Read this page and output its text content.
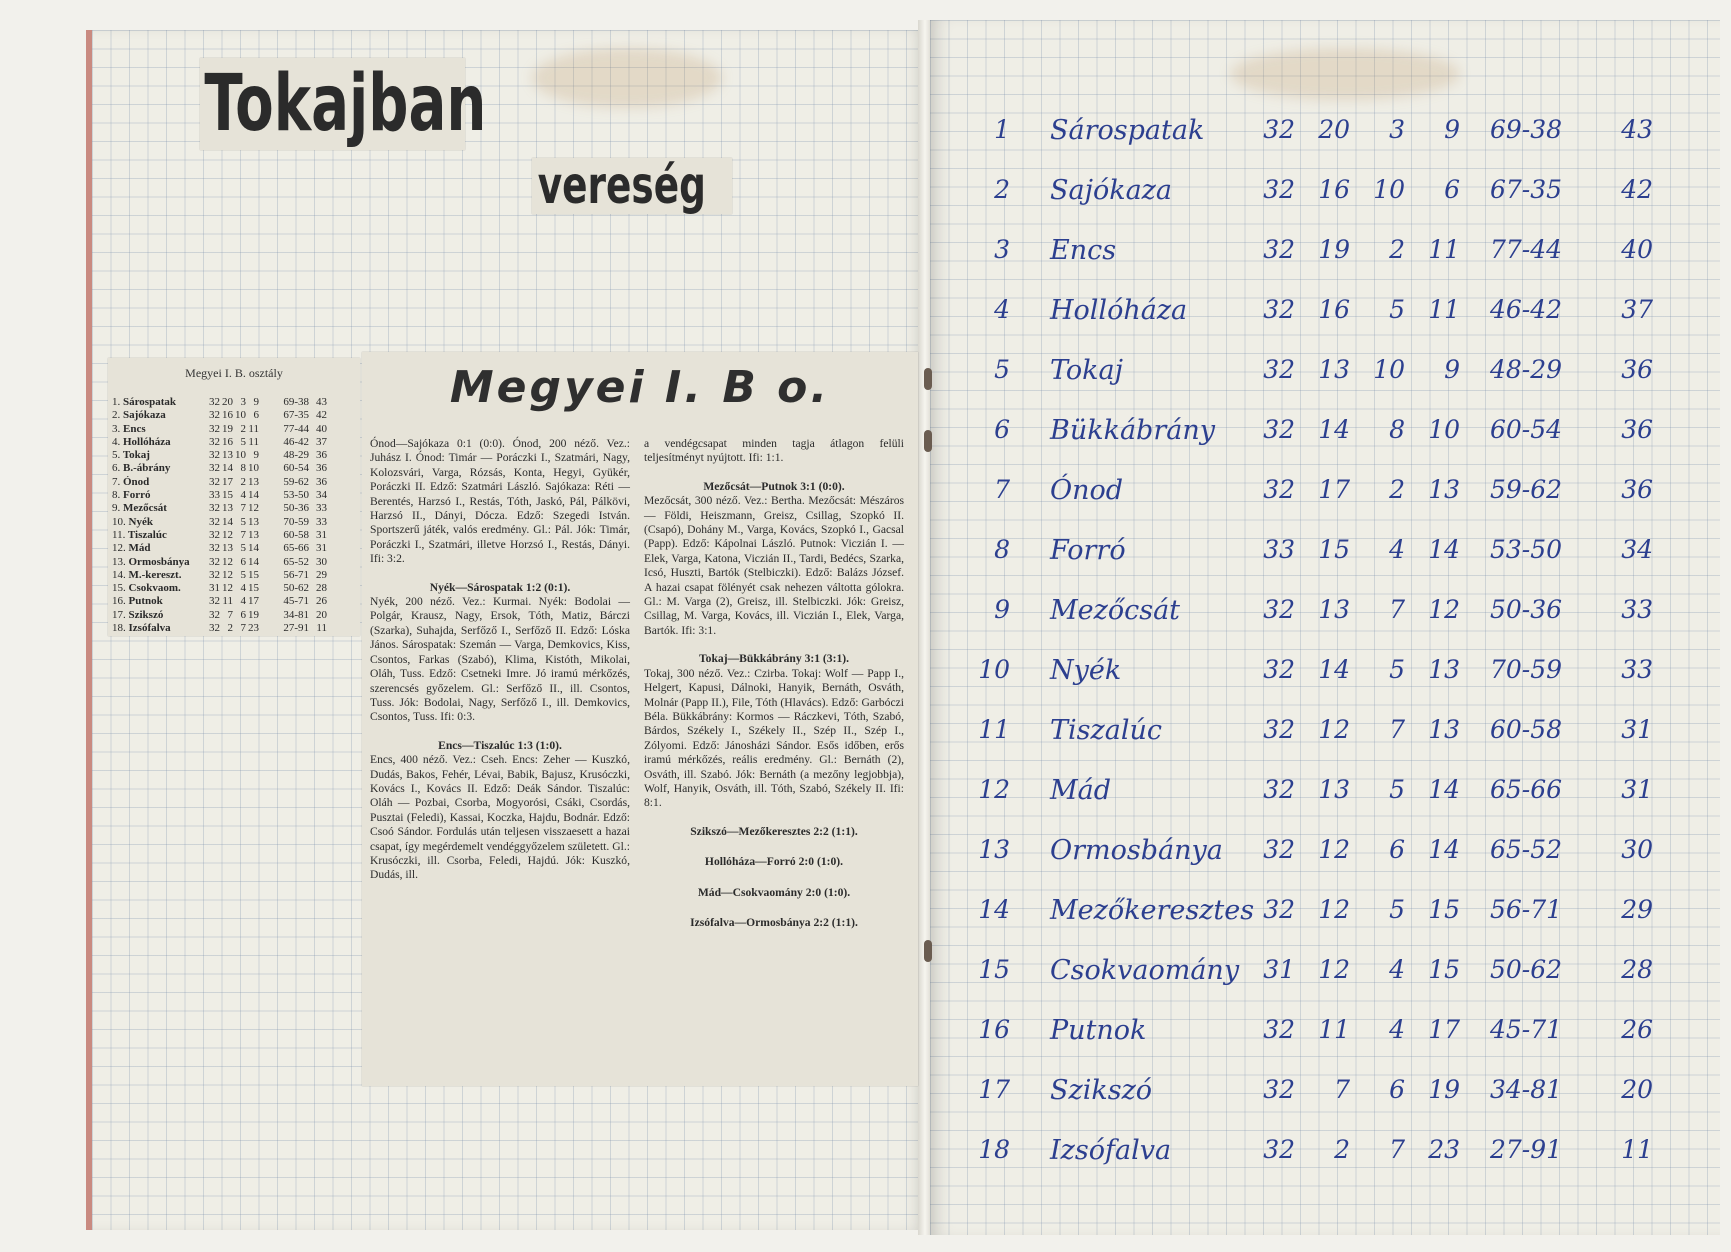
Tokajban
vereség
Megyei I. B. osztály
1. Sárospatak	32 20 3 9	69-38 43
2. Sajókaza	32 16 10 6	67-35 42
3. Encs	32 19 2 11	77-44 40
4. Hollóháza	32 16 5 11	46-42 37
5. Tokaj	32 13 10 9	48-29 36
6. B.-ábrány	32 14 8 10	60-54 36
7. Ónod	32 17 2 13	59-62 36
8. Forró	33 15 4 14	53-50 34
9. Mezőcsát	32 13 7 12	50-36 33
10. Nyék	32 14 5 13	70-59 33
11. Tiszalúc	32 12 7 13	60-58 31
12. Mád	32 13 5 14	65-66 31
13. Ormosbánya	32 12 6 14	65-52 30
14. M.-kereszt.	32 12 5 15	56-71 29
15. Csokvaom.	31 12 4 15	50-62 28
16. Putnok	32 11 4 17	45-71 26
17. Szikszó	32 7 6 19	34-81 20
18. Izsófalva	32 2 7 23	27-91 11
Megyei I. B o.

Ónod—Sajókaza 0:1 (0:0). Ónod, 200 néző. Vez.: Juhász I. Ónod: Timár — Poráczki I., Szatmári, Nagy, Kolozsvári, Varga, Rózsás, Konta, Hegyi, Gyükér, Poráczki II. Edző: Szatmári László. Sajókaza: Réti — Berentés, Harzsó I., Restás, Tóth, Jaskó, Pál, Pálkövi, Harzsó II., Dányi, Dócza. Edző: Szegedi István. Sportszerű játék, valós eredmény. Gl.: Pál. Jók: Timár, Poráczki I., Szatmári, illetve Horzsó I., Restás, Dányi. Ifi: 3:2.

Nyék—Sárospatak 1:2 (0:1).
Nyék, 200 néző. Vez.: Kurmai. Nyék: Bodolai — Polgár, Krausz, Nagy, Ersok, Tóth, Matiz, Bárczi (Szarka), Suhajda, Serfőző I., Serfőző II. Edző: Lóska János. Sárospatak: Szemán — Varga, Demkovics, Kiss, Csontos, Farkas (Szabó), Klima, Kistóth, Mikolai, Oláh, Tuss. Edző: Csetneki Imre. Jó iramú mérkőzés, szerencsés győzelem. Gl.: Serfőző II., ill. Csontos, Tuss. Jók: Bodolai, Nagy, Serfőző I., ill. Demkovics, Csontos, Tuss. Ifi: 0:3.

Encs—Tiszalúc 1:3 (1:0).
Encs, 400 néző. Vez.: Cseh. Encs: Zeher — Kuszkó, Dudás, Bakos, Fehér, Lévai, Babik, Bajusz, Krusóczki, Kovács I., Kovács II. Edző: Deák Sándor. Tiszalúc: Oláh — Pozbai, Csorba, Mogyorósi, Csáki, Csordás, Pusztai (Feledi), Kassai, Koczka, Hajdu, Bodnár. Edző: Csoó Sándor. Fordulás után teljesen visszaesett a hazai csapat, így megérdemelt vendéggyőzelem született. Gl.: Krusóczki, ill. Csorba, Feledi, Hajdú. Jók: Kuszkó, Dudás, ill.

a vendégcsapat minden tagja átlagon felüli teljesítményt nyújtott. Ifi: 1:1.

Mezőcsát—Putnok 3:1 (0:0).
Mezőcsát, 300 néző. Vez.: Bertha. Mezőcsát: Mészáros — Földi, Heiszmann, Greisz, Csillag, Szopkó II. (Csapó), Dohány M., Varga, Kovács, Szopkó I., Gacsal (Papp). Edző: Kápolnai László. Putnok: Viczián I. — Elek, Varga, Katona, Viczián II., Tardi, Bedécs, Szarka, Icsó, Huszti, Bartók (Stelbiczki). Edző: Balázs József. A hazai csapat fölényét csak nehezen váltotta gólokra. Gl.: M. Varga (2), Greisz, ill. Stelbiczki. Jók: Greisz, Csillag, M. Varga, Kovács, ill. Viczián I., Elek, Varga, Bartók. Ifi: 3:1.

Tokaj—Bükkábrány 3:1 (3:1).
Tokaj, 300 néző. Vez.: Czirba. Tokaj: Wolf — Papp I., Helgert, Kapusi, Dálnoki, Hanyik, Bernáth, Osváth, Molnár (Papp II.), File, Tóth (Hlavács). Edző: Garbóczi Béla. Bükkábrány: Kormos — Ráczkevi, Tóth, Szabó, Bárdos, Székely I., Székely II., Szép II., Szép I., Zólyomi. Edző: Jánosházi Sándor. Esős időben, erős iramú mérkőzés, reális eredmény. Gl.: Bernáth (2), Osváth, ill. Szabó. Jók: Bernáth (a mezőny legjobbja), Wolf, Hanyik, Osváth, ill. Tóth, Szabó, Székely II. Ifi: 8:1.

Szikszó—Mezőkeresztes 2:2 (1:1).
Hollóháza—Forró 2:0 (1:0).
Mád—Csokvaomány 2:0 (1:0).
Izsófalva—Ormosbánya 2:2 (1:1).
1 Sárospatak	32 20	3	9 69-38	43
2 Sajókaza	32 16 10	6 67-35	42
3 Encs	32 19	2 11 77-44	40
4 Hollóháza	32 16	5 11 46-42	37
5 Tokaj	32 13 10	9 48-29	36
6 Bükkábrány	32 14	8 10 60-54	36
7 Ónod	32 17	2 13 59-62	36
8 Forró	33 15	4 14 53-50	34
9 Mezőcsát	32 13	7 12 50-36	33
10 Nyék	32 14	5 13 70-59	33
11 Tiszalúc	32 12	7 13 60-58	31
12 Mád	32 13	5 14 65-66	31
13 Ormosbánya	32 12	6 14 65-52	30
14 Mezőkeresztes 32 12	5 15 56-71	29
15 Csokvaomány 31 12	4 15 50-62	28
16 Putnok	32 11	4 17 45-71	26
17 Szikszó	32	7	6 19 34-81	20
18 Izsófalva	32	2	7 23 27-91	11
